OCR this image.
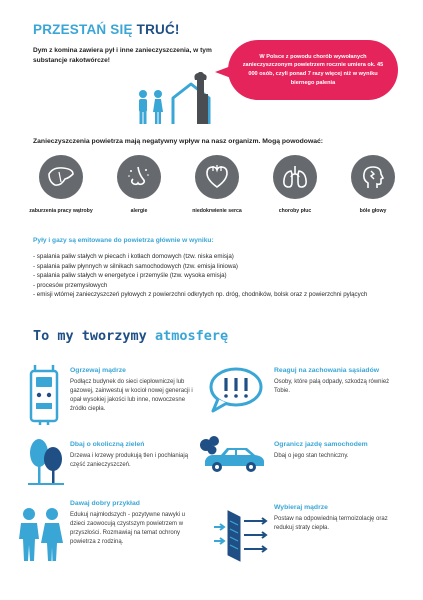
PRZESTAŃ SIĘ TRUĆ!
Dym z komina zawiera pył i inne zanieczyszczenia, w tym substancje rakotwórcze!	W Polsce z powodu chorób wywołanych zanieczyszczonym powietrzem rocznie umiera ok. 45 000 osób, czyli ponad 7 razy więcej niż w wyniku biernego palenia
Zanieczyszczenia powietrza mają negatywny wpływ na nasz organizm. Mogą powodować:
zaburzenia pracy wątroby	alergie	niedokrwienie serca	choroby płuc	bóle głowy
Pyły i gazy są emitowane do powietrza głównie w wyniku:
- spalania paliw stałych w piecach i kotłach domowych (tzw. niska emisja)
- spalania paliw płynnych w silnikach samochodowych (tzw. emisja liniowa)
- spalania paliw stałych w energetyce i przemyśle (tzw. wysoka emisja)
- procesów przemysłowych
- emisji wtórnej zanieczyszczeń pyłowych z powierzchni odkrytych np. dróg, chodników, bolsk oraz z powierzchni pylących
To my tworzymy atmosferę
Ogrzewaj mądrze
Podłącz budynek do sieci ciepłowniczej lub gazowej, zainwestuj w kocioł nowej generacji i opał wysokiej jakości lub inne, nowoczesne źródło ciepła.
Reaguj na zachowania sąsiadów
Osoby, które palą odpady, szkodzą również Tobie.
Dbaj o okoliczną zieleń
Drzewa i krzewy produkują tlen i pochłaniają część zanieczyszczeń.
Ogranicz jazdę samochodem
Dbaj o jego stan techniczny.
Dawaj dobry przykład
Edukuj najmłodszych - pozytywne nawyki u dzieci zaowocują czystszym powietrzem w przyszłości. Rozmawiaj na temat ochrony powietrza z rodziną.
Wybieraj mądrze
Postaw na odpowiednią termoizolację oraz redukuj straty ciepła.
